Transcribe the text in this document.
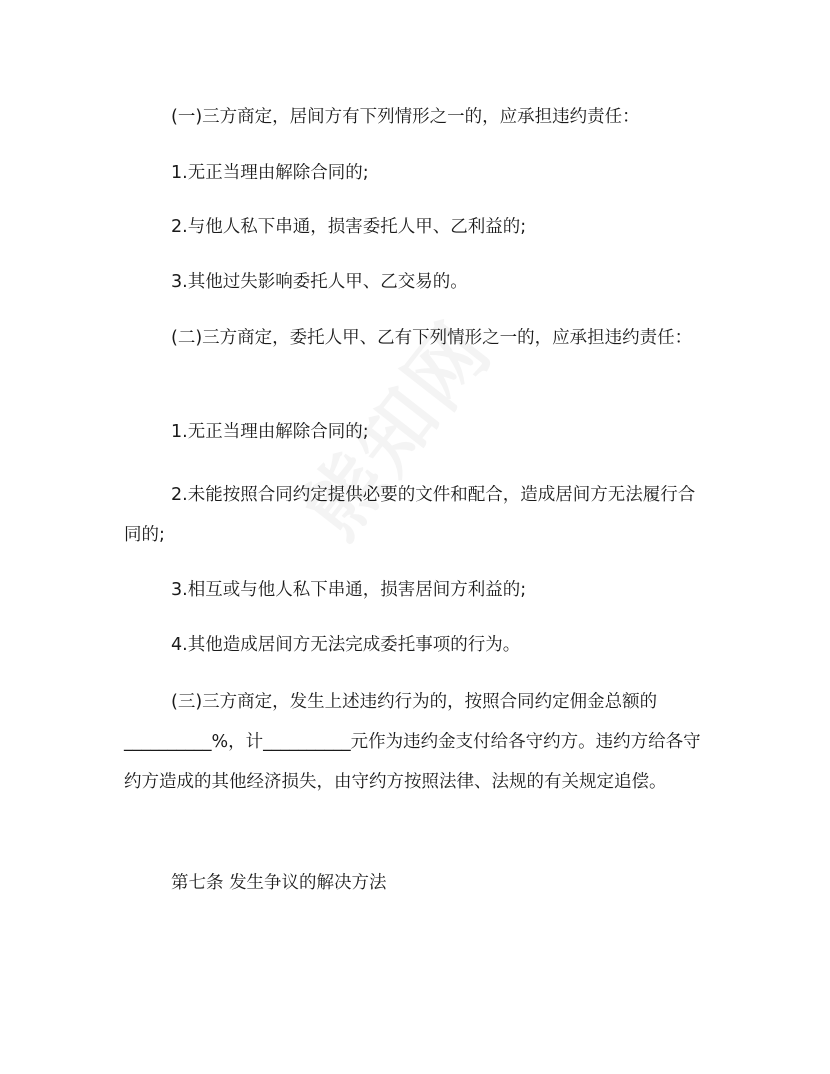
(一)三方商定，居间方有下列情形之一的，应承担违约责任：

1.无正当理由解除合同的;

2.与他人私下串通，损害委托人甲、乙利益的;

3.其他过失影响委托人甲、乙交易的。

(二)三方商定，委托人甲、乙有下列情形之一的，应承担违约责任：

1.无正当理由解除合同的;

2.未能按照合同约定提供必要的文件和配合，造成居间方无法履行合同的;

3.相互或与他人私下串通，损害居间方利益的;

4.其他造成居间方无法完成委托事项的行为。

(三)三方商定，发生上述违约行为的，按照合同约定佣金总额的__________%，计__________元作为违约金支付给各守约方。违约方给各守约方造成的其他经济损失，由守约方按照法律、法规的有关规定追偿。

第七条 发生争议的解决方法
